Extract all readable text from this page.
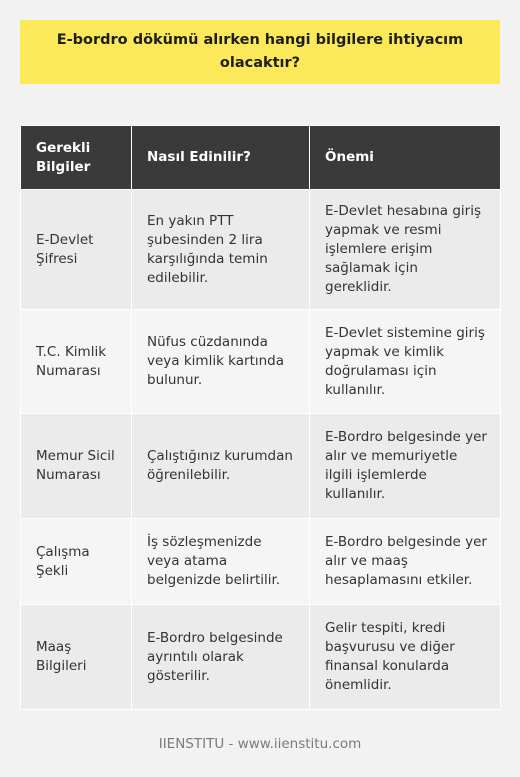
E-bordro dökümü alırken hangi bilgilere ihtiyacım olacaktır?
Gerekli Bilgiler	Nasıl Edinilir?	Önemi
E-Devlet Şifresi	En yakın PTT şubesinden 2 lira karşılığında temin edilebilir.	E-Devlet hesabına giriş yapmak ve resmi işlemlere erişim sağlamak için gereklidir.
T.C. Kimlik Numarası	Nüfus cüzdanında veya kimlik kartında bulunur.	E-Devlet sistemine giriş yapmak ve kimlik doğrulaması için kullanılır.
Memur Sicil Numarası	Çalıştığınız kurumdan öğrenilebilir.	E-Bordro belgesinde yer alır ve memuriyetle ilgili işlemlerde kullanılır.
Çalışma Şekli	İş sözleşmenizde veya atama belgenizde belirtilir.	E-Bordro belgesinde yer alır ve maaş hesaplamasını etkiler.
Maaş Bilgileri	E-Bordro belgesinde ayrıntılı olarak gösterilir.	Gelir tespiti, kredi başvurusu ve diğer finansal konularda önemlidir.
IIENSTITU - www.iienstitu.com
